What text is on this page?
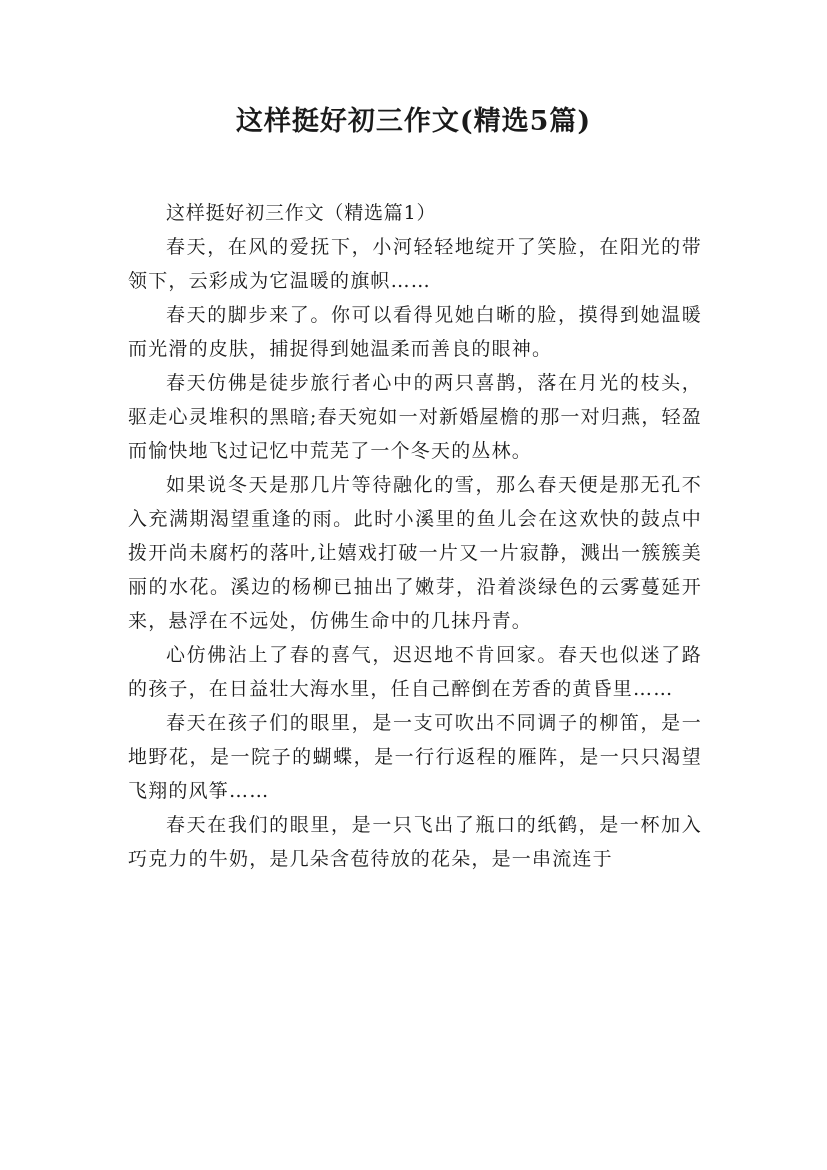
这样挺好初三作文(精选5篇)

这样挺好初三作文（精选篇1）

春天，在风的爱抚下，小河轻轻地绽开了笑脸，在阳光的带领下，云彩成为它温暖的旗帜……

春天的脚步来了。你可以看得见她白晰的脸，摸得到她温暖而光滑的皮肤，捕捉得到她温柔而善良的眼神。

春天仿佛是徒步旅行者心中的两只喜鹊，落在月光的枝头，驱走心灵堆积的黑暗;春天宛如一对新婚屋檐的那一对归燕，轻盈而愉快地飞过记忆中荒芜了一个冬天的丛林。

如果说冬天是那几片等待融化的雪，那么春天便是那无孔不入充满期渴望重逢的雨。此时小溪里的鱼儿会在这欢快的鼓点中拨开尚未腐朽的落叶,让嬉戏打破一片又一片寂静，溅出一簇簇美丽的水花。溪边的杨柳已抽出了嫩芽，沿着淡绿色的云雾蔓延开来，悬浮在不远处，仿佛生命中的几抹丹青。

心仿佛沾上了春的喜气，迟迟地不肯回家。春天也似迷了路的孩子，在日益壮大海水里，任自己醉倒在芳香的黄昏里……

春天在孩子们的眼里，是一支可吹出不同调子的柳笛，是一地野花，是一院子的蝴蝶，是一行行返程的雁阵，是一只只渴望飞翔的风筝……

春天在我们的眼里，是一只飞出了瓶口的纸鹤，是一杯加入巧克力的牛奶，是几朵含苞待放的花朵，是一串流连于
